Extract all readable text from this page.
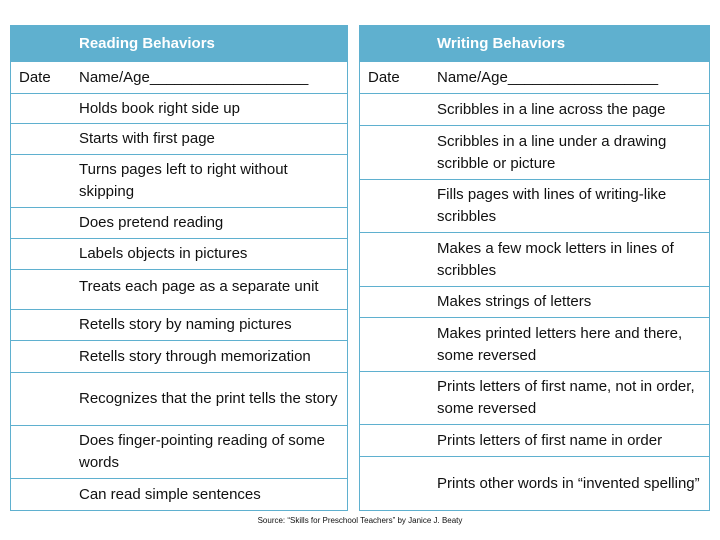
Reading Behaviors
Date Name/Age___________________
Holds book right side up
Starts with first page
Turns pages left to right without skipping
Does pretend reading
Labels objects in pictures
Treats each page as a separate unit
Retells story by naming pictures
Retells story through memorization
Recognizes that the print tells the story
Does finger-pointing reading of some words
Can read simple sentences
Writing Behaviors
Date Name/Age__________________
Scribbles in a line across the page
Scribbles in a line under a drawing scribble or picture
Fills pages with lines of writing-like scribbles
Makes a few mock letters in lines of scribbles
Makes strings of letters
Makes printed letters here and there, some reversed
Prints letters of first name, not in order, some reversed
Prints letters of first name in order
Prints other words in “invented spelling”
Source: “Skills for Preschool Teachers” by Janice J. Beaty
